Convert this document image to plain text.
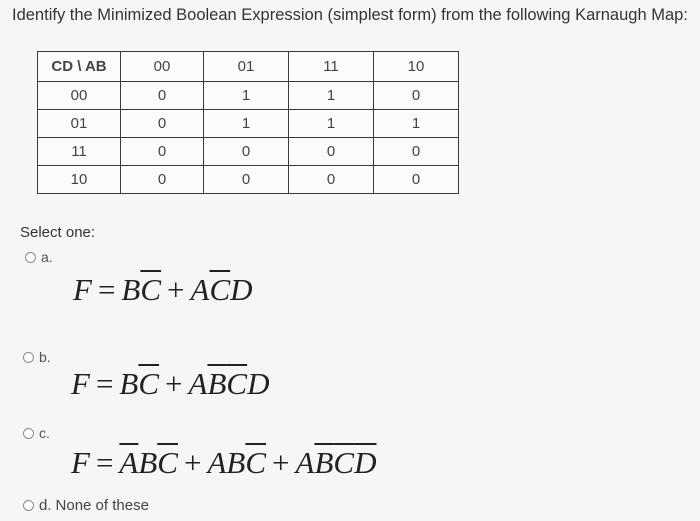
Identify the Minimized Boolean Expression (simplest form) from the following Karnaugh Map:
CD \ AB	00	01	11	10
00	0	1	1	0
01	0	1	1	1
11	0	0	0	0
10	0	0	0	0
Select one:
a.
$F = B\overline{C} + A\overline{C}D$
b.
$F = B\overline{C} + A\overline{B}\overline{C}D$
c.
$F = \overline{A}B\overline{C} + AB\overline{C} + A\overline{B}\overline{C}\overline{D}$
d. None of these
